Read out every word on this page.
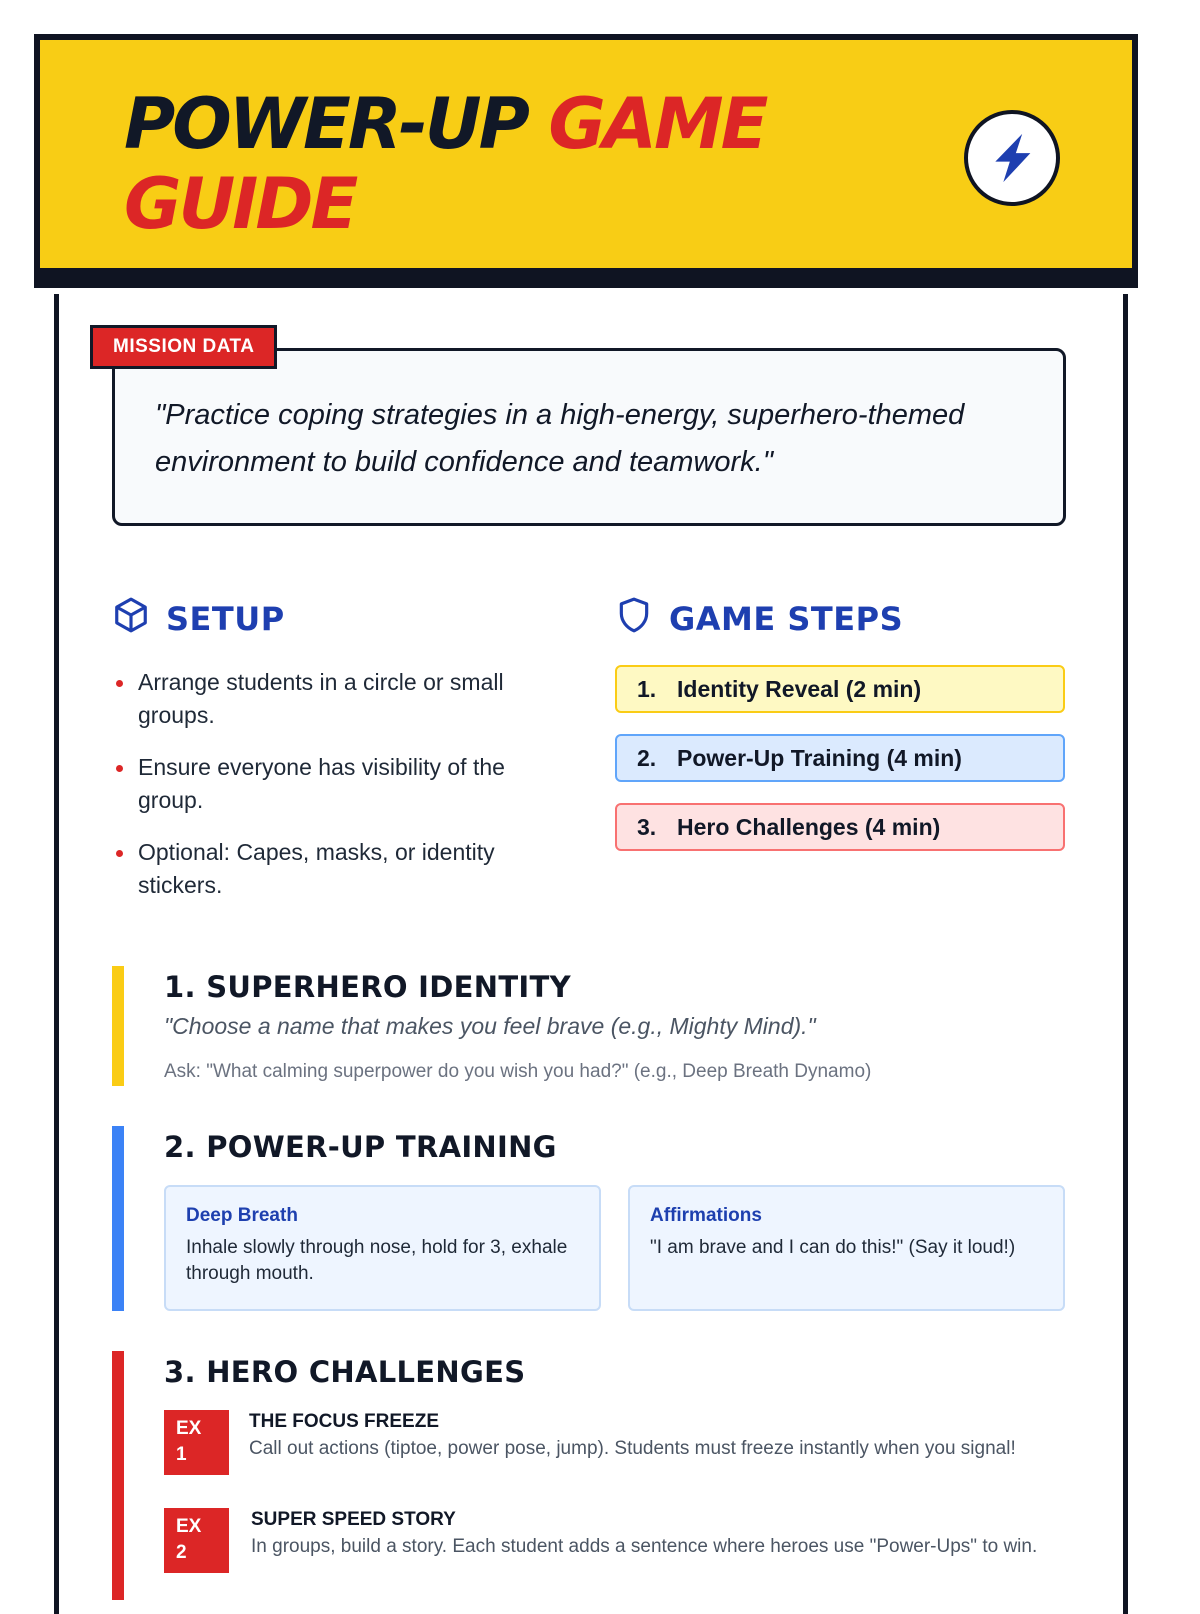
POWER-UP GAME GUIDE
MISSION DATA
"Practice coping strategies in a high-energy, superhero-themed environment to build confidence and teamwork."
SETUP
Arrange students in a circle or small groups.
Ensure everyone has visibility of the group.
Optional: Capes, masks, or identity stickers.
GAME STEPS
1. Identity Reveal (2 min)
2. Power-Up Training (4 min)
3. Hero Challenges (4 min)
1. SUPERHERO IDENTITY
"Choose a name that makes you feel brave (e.g., Mighty Mind)."
Ask: "What calming superpower do you wish you had?" (e.g., Deep Breath Dynamo)
2. POWER-UP TRAINING
Deep Breath
Inhale slowly through nose, hold for 3, exhale through mouth.
Affirmations
"I am brave and I can do this!" (Say it loud!)
3. HERO CHALLENGES
EX
1
THE FOCUS FREEZE
Call out actions (tiptoe, power pose, jump). Students must freeze instantly when you signal!
EX
2
SUPER SPEED STORY
In groups, build a story. Each student adds a sentence where heroes use "Power-Ups" to win.
